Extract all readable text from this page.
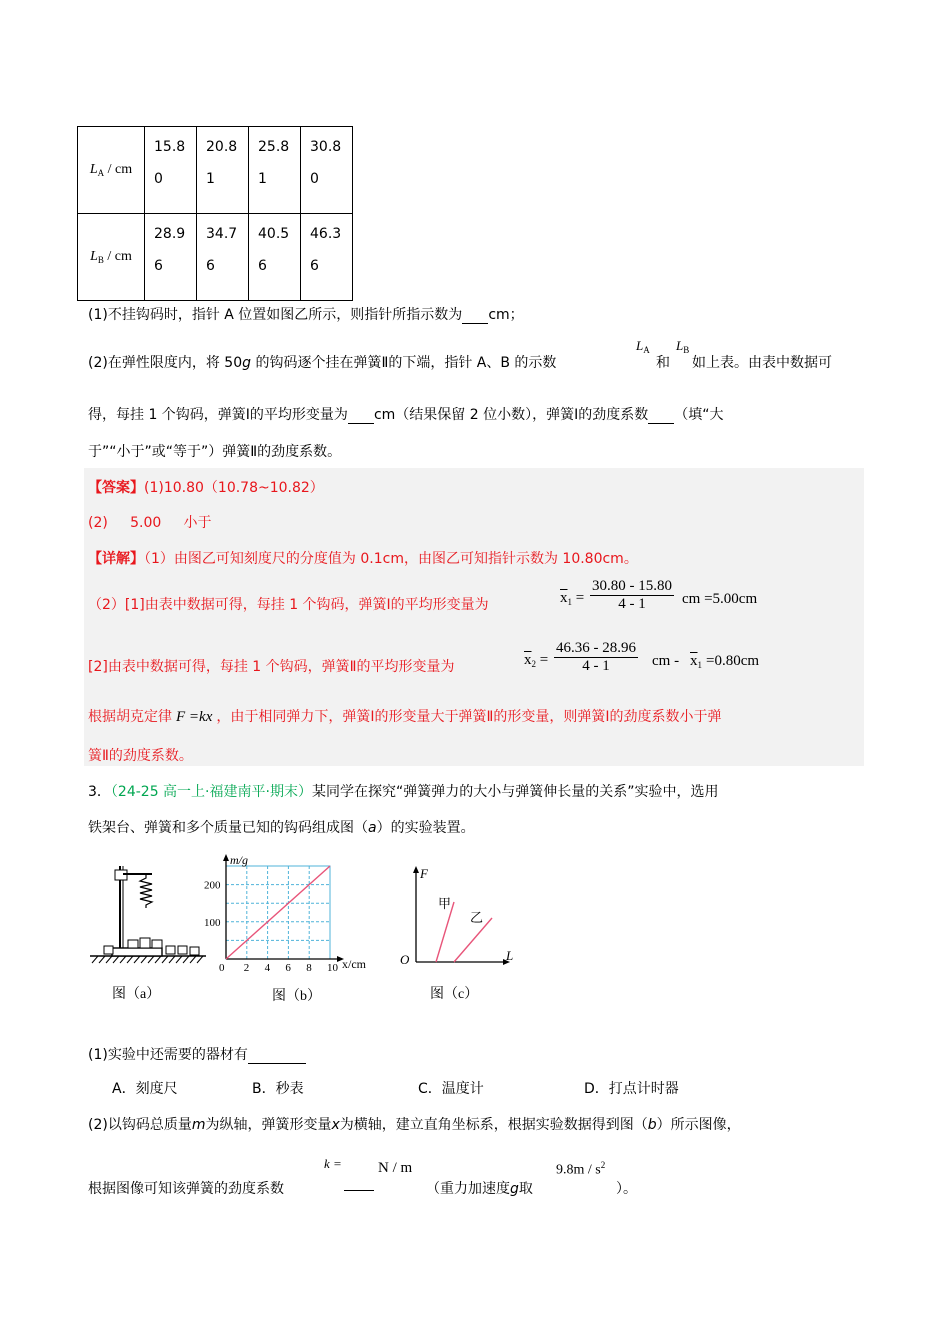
$L_A$ / cm	15.80	20.81	25.81	30.80

$L_B$ / cm	28.96	34.76	40.56	46.36
(1)不挂钩码时，指针 A 位置如图乙所示，则指针所指示数为 cm；
(2)在弹性限度内，将 50g 的钩码逐个挂在弹簧Ⅱ的下端，指针 A、B 的示数
$L_A$
和
$L_B$
如上表。由表中数据可
得，每挂 1 个钩码，弹簧Ⅰ的平均形变量为 cm（结果保留 2 位小数），弹簧Ⅰ的劲度系数 （填“大
于”“小于”或“等于”）弹簧Ⅱ的劲度系数。
【答案】(1)10.80（10.78~10.82）
(2)     5.00     小于
【详解】（1）由图乙可知刻度尺的分度值为 0.1cm，由图乙可知指针示数为 10.80cm。
（2）[1]由表中数据可得，每挂 1 个钩码，弹簧Ⅰ的平均形变量为	$\overline{x}_1 = \frac{30.80 - 15.80}{4 - 1}$ cm =5.00cm
[2]由表中数据可得，每挂 1 个钩码，弹簧Ⅱ的平均形变量为	$\overline{x}_2 = \frac{46.36 - 28.96}{4 - 1}$ cm - $\overline{x}_1 =0.80cm$
根据胡克定律 F =kx ，由于相同弹力下，弹簧Ⅰ的形变量大于弹簧Ⅱ的形变量，则弹簧Ⅰ的劲度系数小于弹
簧Ⅱ的劲度系数。
3．（24-25 高一上·福建南平·期末）某同学在探究“弹簧弹力的大小与弹簧伸长量的关系”实验中，选用
铁架台、弹簧和多个质量已知的钩码组成图（a）的实验装置。
图（a）
0 2 4 6 8 10
100
200
m/g
x/cm
图（b）
F
O	L
甲
乙
图（c）
(1)实验中还需要的器材有
A．刻度尺	B．秒表	C．温度计	D．打点计时器
(2)以钩码总质量m为纵轴，弹簧形变量x为横轴，建立直角坐标系，根据实验数据得到图（b）所示图像，
根据图像可知该弹簧的劲度系数
k = N / m
（重力加速度g取
$9.8m / s^2$
）。
